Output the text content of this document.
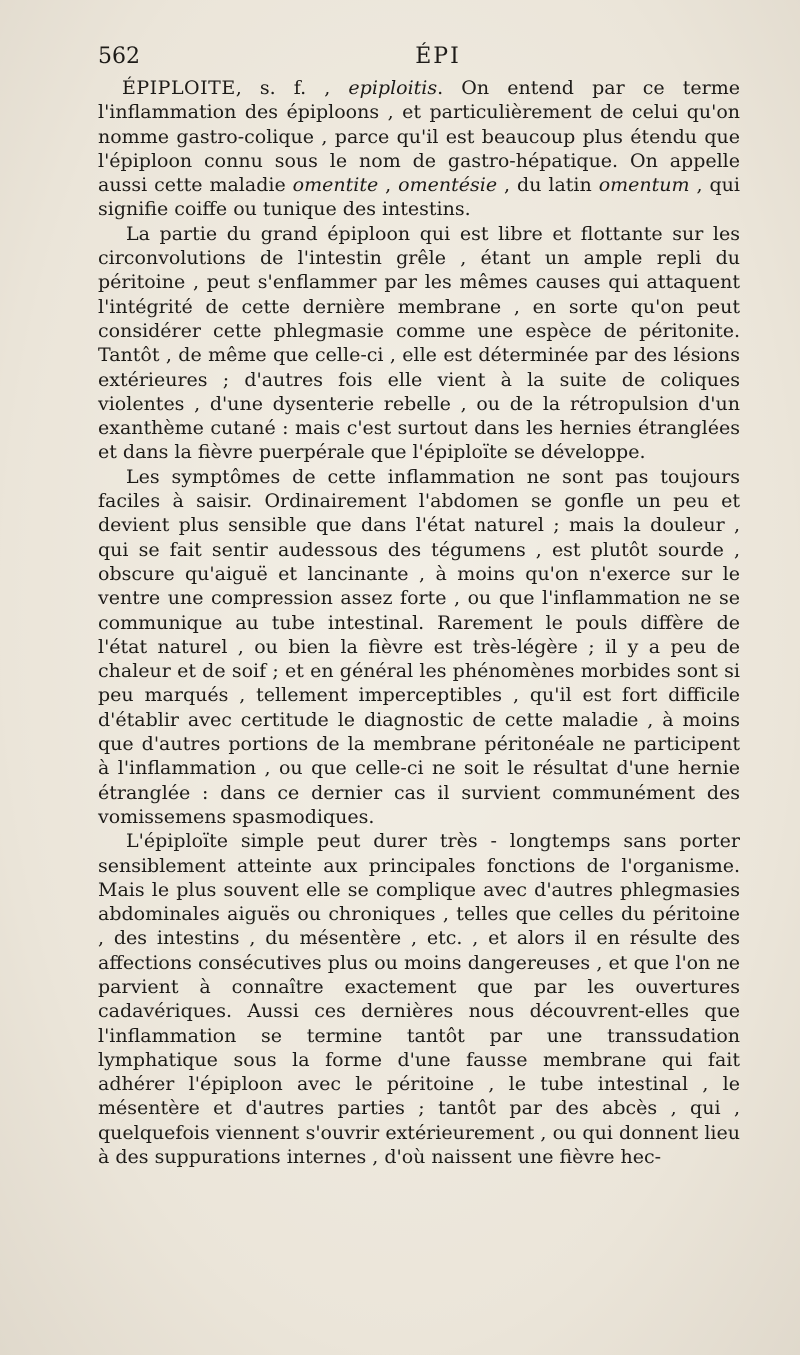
562	ÉPI

ÉPIPLOITE, s. f. , epiploitis. On entend par ce terme l'inflammation des épiploons , et particulièrement de celui qu'on nomme gastro-colique , parce qu'il est beaucoup plus étendu que l'épiploon connu sous le nom de gastro-hépatique. On appelle aussi cette maladie omentite , omentésie , du latin omentum , qui signifie coiffe ou tunique des intestins.

La partie du grand épiploon qui est libre et flottante sur les circonvolutions de l'intestin grêle , étant un ample repli du péritoine , peut s'enflammer par les mêmes causes qui attaquent l'intégrité de cette dernière membrane , en sorte qu'on peut considérer cette phlegmasie comme une espèce de péritonite. Tantôt , de même que celle-ci , elle est déterminée par des lésions extérieures ; d'autres fois elle vient à la suite de coliques violentes , d'une dysenterie rebelle , ou de la rétropulsion d'un exanthème cutané : mais c'est surtout dans les hernies étranglées et dans la fièvre puerpérale que l'épiploïte se développe.

Les symptômes de cette inflammation ne sont pas toujours faciles à saisir. Ordinairement l'abdomen se gonfle un peu et devient plus sensible que dans l'état naturel ; mais la douleur , qui se fait sentir audessous des tégumens , est plutôt sourde , obscure qu'aiguë et lancinante , à moins qu'on n'exerce sur le ventre une compression assez forte , ou que l'inflammation ne se communique au tube intestinal. Rarement le pouls diffère de l'état naturel , ou bien la fièvre est très-légère ; il y a peu de chaleur et de soif ; et en général les phénomènes morbides sont si peu marqués , tellement imperceptibles , qu'il est fort difficile d'établir avec certitude le diagnostic de cette maladie , à moins que d'autres portions de la membrane péritonéale ne participent à l'inflammation , ou que celle-ci ne soit le résultat d'une hernie étranglée : dans ce dernier cas il survient communément des vomissemens spasmodiques.

L'épiploïte simple peut durer très - longtemps sans porter sensiblement atteinte aux principales fonctions de l'organisme. Mais le plus souvent elle se complique avec d'autres phlegmasies abdominales aiguës ou chroniques , telles que celles du péritoine , des intestins , du mésentère , etc. , et alors il en résulte des affections consécutives plus ou moins dangereuses , et que l'on ne parvient à connaître exactement que par les ouvertures cadavériques. Aussi ces dernières nous découvrent-elles que l'inflammation se termine tantôt par une transsudation lymphatique sous la forme d'une fausse membrane qui fait adhérer l'épiploon avec le péritoine , le tube intestinal , le mésentère et d'autres parties ; tantôt par des abcès , qui , quelquefois viennent s'ouvrir extérieurement , ou qui donnent lieu à des suppurations internes , d'où naissent une fièvre hec-
